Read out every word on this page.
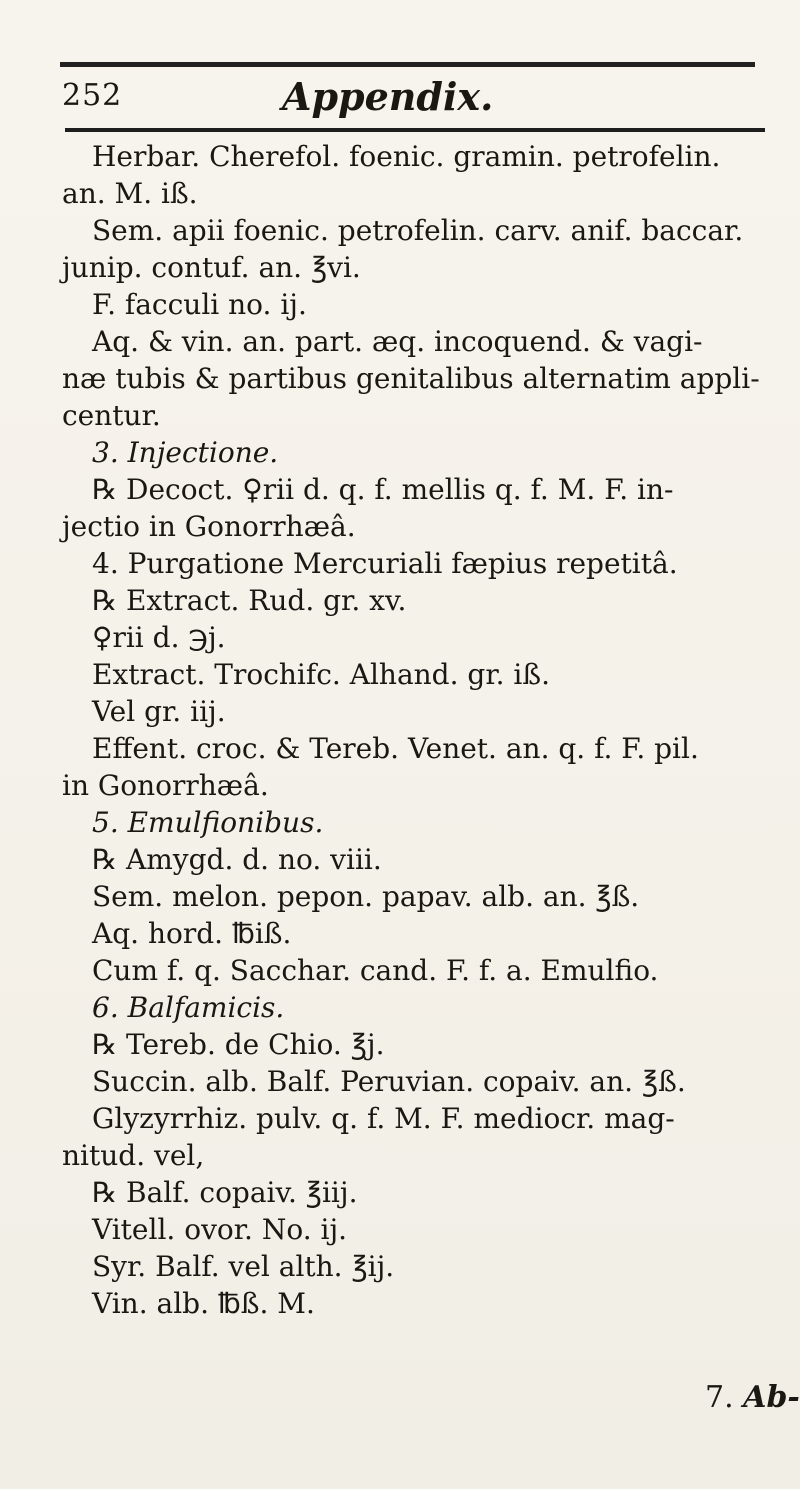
252	Appendix.
Herbar. Cherefol. foenic. gramin. petrofelin.
an. M. iß.
Sem. apii foenic. petrofelin. carv. anif. baccar.
junip. contuf. an. ℥vi.
F. facculi no. ij.
Aq. & vin. an. part. æq. incoquend. & vagi-
næ tubis & partibus genitalibus alternatim appli-
centur.
3. Injectione.
℞ Decoct. ♀rii d. q. f. mellis q. f. M. F. in-
jectio in Gonorrhæâ.
4. Purgatione Mercuriali fæpius repetitâ.
℞ Extract. Rud. gr. xv.
♀rii d. ℈j.
Extract. Trochifc. Alhand. gr. iß.
Vel gr. iij.
Effent. croc. & Tereb. Venet. an. q. f. F. pil.
in Gonorrhæâ.
5. Emulfionibus.
℞ Amygd. d. no. viii.
Sem. melon. pepon. papav. alb. an. ℥ß.
Aq. hord. ℔iß.
Cum f. q. Sacchar. cand. F. f. a. Emulfio.
6. Balfamicis.
℞ Tereb. de Chio. ℥j.
Succin. alb. Balf. Peruvian. copaiv. an. ℥ß.
Glyzyrrhiz. pulv. q. f. M. F. mediocr. mag-
nitud. vel,
℞ Balf. copaiv. ℥iij.
Vitell. ovor. No. ij.
Syr. Balf. vel alth. ℥ij.
Vin. alb. ℔ß. M.
7. Ab-
